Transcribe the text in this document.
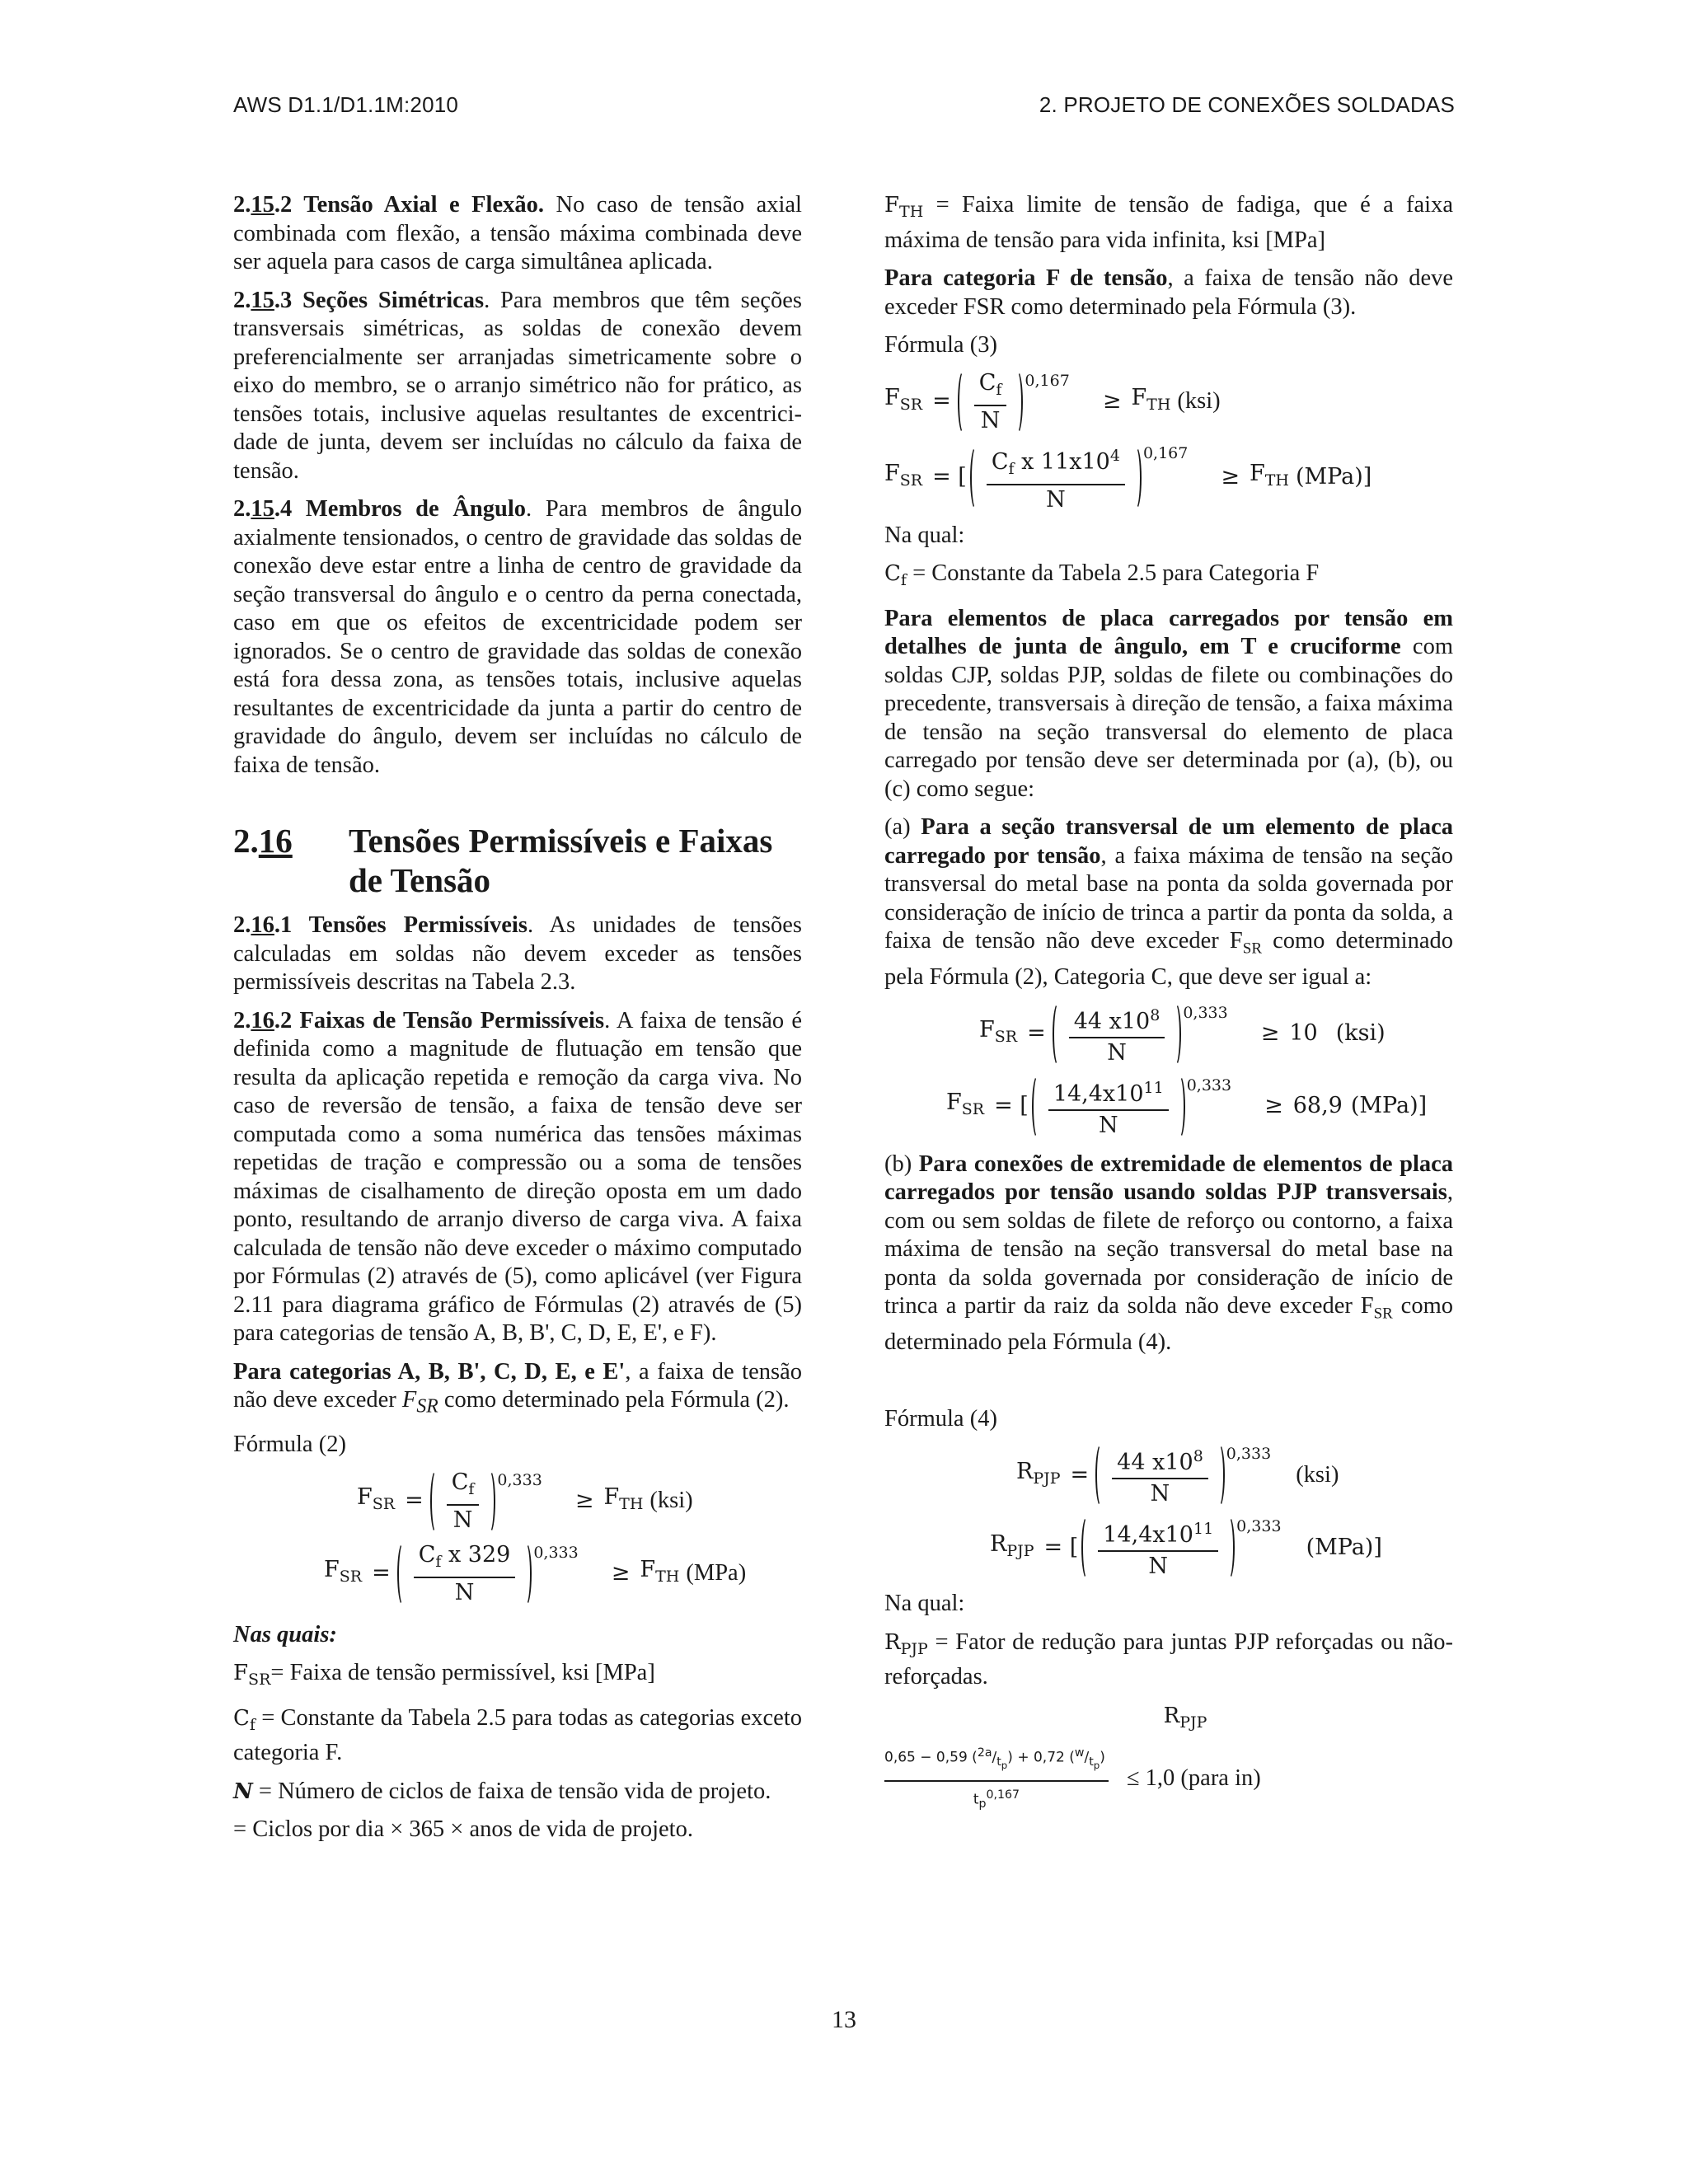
AWS D1.1/D1.1M:2010	2. PROJETO DE CONEXÕES SOLDADAS

2.15.2 Tensão Axial e Flexão. No caso de tensão axial combinada com flexão, a tensão máxima combinada deve ser aquela para casos de carga simultânea aplicada.

2.15.3 Seções Simétricas. Para membros que têm seções transversais simétricas, as soldas de conexão devem preferencialmente ser arranjadas simetricamente sobre o eixo do membro, se o arranjo simétrico não for prático, as tensões totais, inclusive aquelas resultantes de excentrici- dade de junta, devem ser incluídas no cálculo da faixa de tensão.

2.15.4 Membros de Ângulo. Para membros de ângulo axialmente tensionados, o centro de gravidade das soldas de conexão deve estar entre a linha de centro de gravidade da seção transversal do ângulo e o centro da perna conectada, caso em que os efeitos de excentricidade podem ser ignorados. Se o centro de gravidade das soldas de conexão está fora dessa zona, as tensões totais, inclusive aquelas resultantes de excentricidade da junta a partir do centro de gravidade do ângulo, devem ser incluídas no cálculo de faixa de tensão.

2.16	Tensões Permissíveis e Faixas de Tensão

2.16.1 Tensões Permissíveis. As unidades de tensões calculadas em soldas não devem exceder as tensões permissíveis descritas na Tabela 2.3.

2.16.2 Faixas de Tensão Permissíveis. A faixa de tensão é definida como a magnitude de flutuação em tensão que resulta da aplicação repetida e remoção da carga viva. No caso de reversão de tensão, a faixa de tensão deve ser computada como a soma numérica das tensões máximas repetidas de tração e compressão ou a soma de tensões máximas de cisalhamento de direção oposta em um dado ponto, resultando de arranjo diverso de carga viva. A faixa calculada de tensão não deve exceder o máximo computado por Fórmulas (2) através de (5), como aplicável (ver Figura 2.11 para diagrama gráfico de Fórmulas (2) através de (5) para categorias de tensão A, B, B', C, D, E, E', e F).

Para categorias A, B, B', C, D, E, e E', a faixa de tensão não deve exceder $F_{SR}$ como determinado pela Fórmula (2).

Fórmula (2)

$F_{SR} = \frac{C_f}{N} 0,333$
≥ $F_{TH}$ (ksi)
$F_{SR} = \frac{C_f x 329}{N} 0,333$
≥ $F_{TH}$ (MPa)

Nas quais:

$F_{SR}=$ Faixa de tensão permissível, ksi [MPa]

$C_f$ = Constante da Tabela 2.5 para todas as categorias exceto categoria F.

N = Número de ciclos de faixa de tensão vida de projeto.

= Ciclos por dia × 365 × anos de vida de projeto.

$F_{TH}$ = Faixa limite de tensão de fadiga, que é a faixa máxima de tensão para vida infinita, ksi [MPa]

Para categoria F de tensão, a faixa de tensão não deve exceder FSR como determinado pela Fórmula (3).

Fórmula (3)

$F_{SR} = \frac{C_f}{N} 0,167$
≥ $F_{TH}$ (ksi)
$F_{SR}$ = [ $\frac{C_f x 11x10^4}{N} 0,167$
≥ $F_{TH}$ (MPa)]

Na qual:

$C_f$ = Constante da Tabela 2.5 para Categoria F

Para elementos de placa carregados por tensão em detalhes de junta de ângulo, em T e cruciforme com soldas CJP, soldas PJP, soldas de filete ou combinações do precedente, transversais à direção de tensão, a faixa máxima de tensão na seção transversal do elemento de placa carregado por tensão deve ser determinada por (a), (b), ou (c) como segue:

(a) Para a seção transversal de um elemento de placa carregado por tensão, a faixa máxima de tensão na seção transversal do metal base na ponta da solda governada por consideração de início de trinca a partir da ponta da solda, a faixa de tensão não deve exceder $F_{SR}$ como determinado pela Fórmula (2), Categoria C, que deve ser igual a:

$F_{SR} = \frac{44 x10^8}{N} 0,333$
≥ 10 (ksi)
$F_{SR}$ = [ $\frac{14,4x10^{11}}{N} 0,333$
≥ 68,9 (MPa)]

(b) Para conexões de extremidade de elementos de placa carregados por tensão usando soldas PJP transversais, com ou sem soldas de filete de reforço ou contorno, a faixa máxima de tensão na seção transversal do metal base na ponta da solda governada por consideração de início de trinca a partir da raiz da solda não deve exceder $F_{SR}$ como determinado pela Fórmula (4).

Fórmula (4)

$R_{PJP} = \frac{44 x10^8}{N} 0,333$
(ksi)
$R_{PJP}$ = [ $\frac{14,4x10^{11}}{N} 0,333$
(MPa)]

Na qual:

$R_{PJP}$ = Fator de redução para juntas PJP reforçadas ou não-reforçadas.

$R_{PJP}$
$\frac{0,65 - 0,59 (^{2a}/_{t_p}) + 0,72 (^w/_{t_p})}{t_p^{0,167}} \le 1,0$ (para in)
13
